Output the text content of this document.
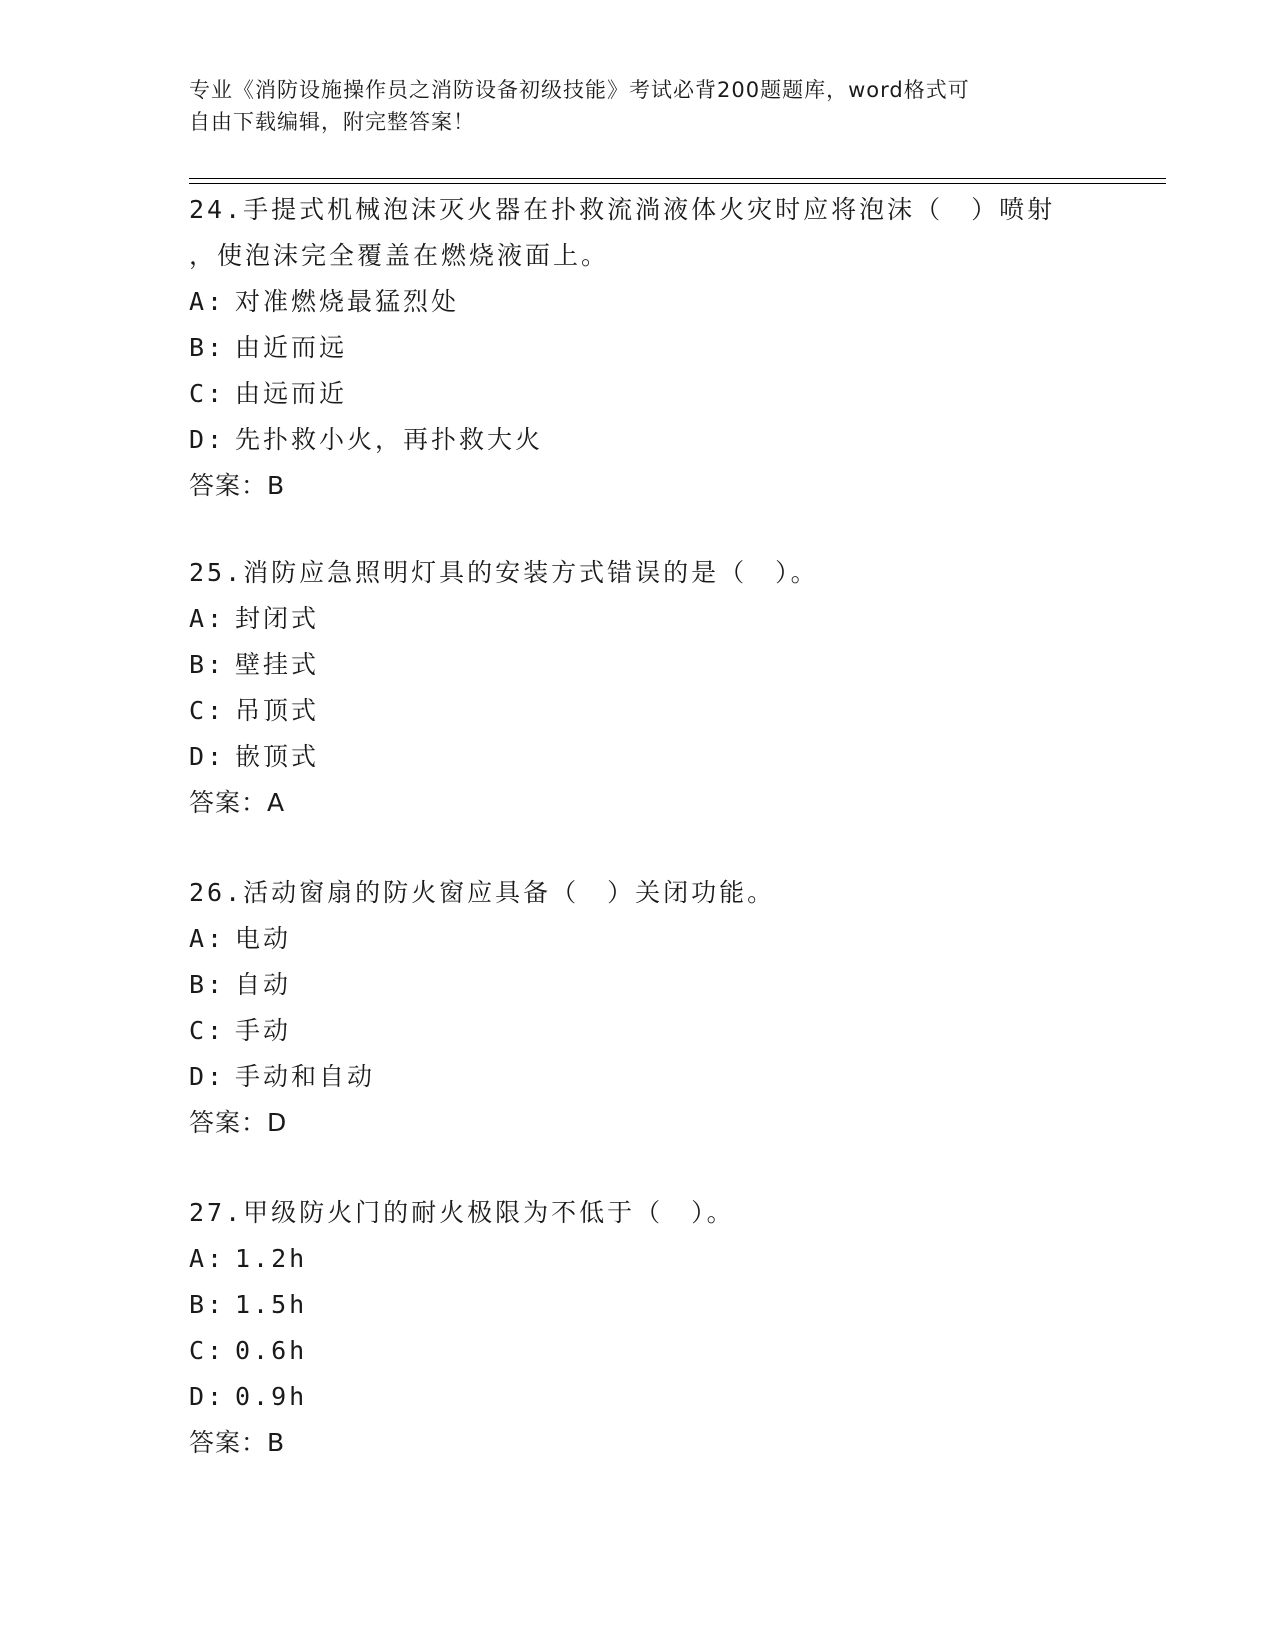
专业《消防设施操作员之消防设备初级技能》考试必背200题题库，word格式可
自由下载编辑，附完整答案！
24.手提式机械泡沫灭火器在扑救流淌液体火灾时应将泡沫（　）喷射
，使泡沫完全覆盖在燃烧液面上。
A: 对准燃烧最猛烈处
B: 由近而远
C: 由远而近
D: 先扑救小火，再扑救大火
答案：B
25.消防应急照明灯具的安装方式错误的是（　）。
A: 封闭式
B: 壁挂式
C: 吊顶式
D: 嵌顶式
答案：A
26.活动窗扇的防火窗应具备（　）关闭功能。
A: 电动
B: 自动
C: 手动
D: 手动和自动
答案：D
27.甲级防火门的耐火极限为不低于（　）。
A: 1.2h
B: 1.5h
C: 0.6h
D: 0.9h
答案：B
